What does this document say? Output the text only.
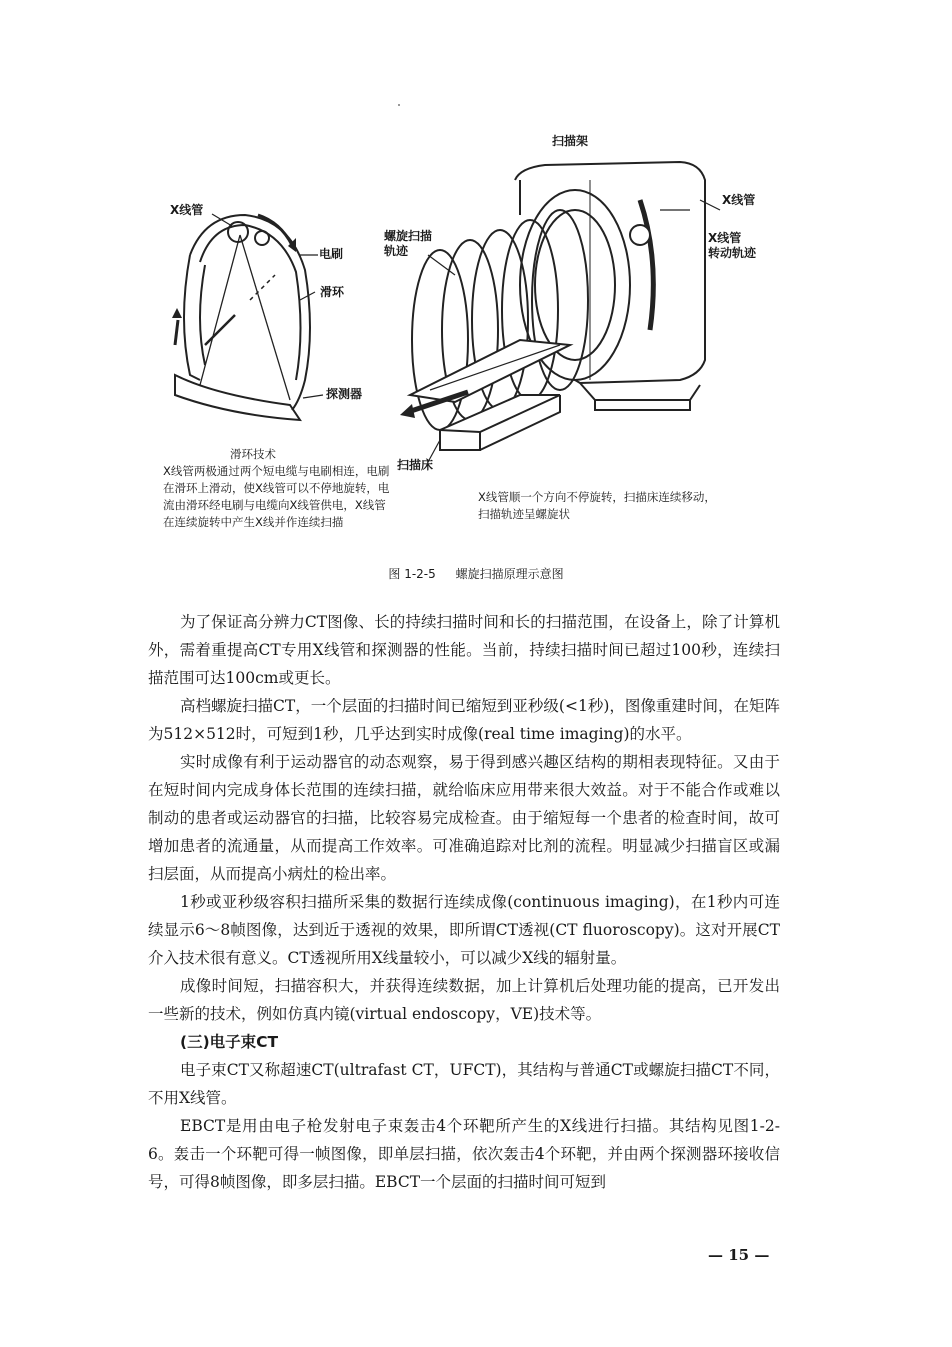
扫描架
X线管
电刷
滑环
探测器
螺旋扫描
轨迹
X线管
X线管
转动轨迹
扫描床
滑环技术
X线管两极通过两个短电缆与电刷相连，电刷在滑环上滑动，使X线管可以不停地旋转，电流由滑环经电刷与电缆向X线管供电，X线管在连续旋转中产生X线并作连续扫描
X线管顺一个方向不停旋转，扫描床连续移动，扫描轨迹呈螺旋状
图 1-2-5 螺旋扫描原理示意图

为了保证高分辨力CT图像、长的持续扫描时间和长的扫描范围，在设备上，除了计算机外，需着重提高CT专用X线管和探测器的性能。当前，持续扫描时间已超过100秒，连续扫描范围可达100cm或更长。

高档螺旋扫描CT，一个层面的扫描时间已缩短到亚秒级(<1秒)，图像重建时间，在矩阵为512×512时，可短到1秒，几乎达到实时成像(real time imaging)的水平。

实时成像有利于运动器官的动态观察，易于得到感兴趣区结构的期相表现特征。又由于在短时间内完成身体长范围的连续扫描，就给临床应用带来很大效益。对于不能合作或难以制动的患者或运动器官的扫描，比较容易完成检查。由于缩短每一个患者的检查时间，故可增加患者的流通量，从而提高工作效率。可准确追踪对比剂的流程。明显减少扫描盲区或漏扫层面，从而提高小病灶的检出率。

1秒或亚秒级容积扫描所采集的数据行连续成像(continuous imaging)，在1秒内可连续显示6～8帧图像，达到近于透视的效果，即所谓CT透视(CT fluoroscopy)。这对开展CT介入技术很有意义。CT透视所用X线量较小，可以减少X线的辐射量。

成像时间短，扫描容积大，并获得连续数据，加上计算机后处理功能的提高，已开发出一些新的技术，例如仿真内镜(virtual endoscopy，VE)技术等。

(三)电子束CT

电子束CT又称超速CT(ultrafast CT，UFCT)，其结构与普通CT或螺旋扫描CT不同，不用X线管。

EBCT是用由电子枪发射电子束轰击4个环靶所产生的X线进行扫描。其结构见图1-2-6。轰击一个环靶可得一帧图像，即单层扫描，依次轰击4个环靶，并由两个探测器环接收信号，可得8帧图像，即多层扫描。EBCT一个层面的扫描时间可短到

— 15 —
